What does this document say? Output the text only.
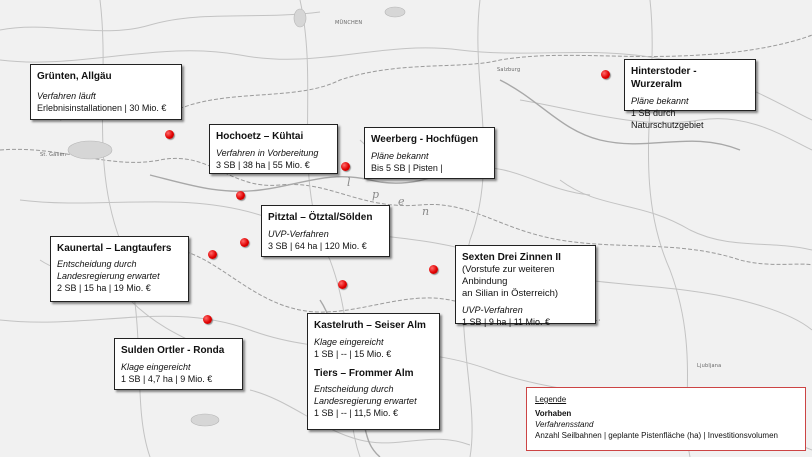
l
p
e
n
MÜNCHEN
Salzburg
Ljubljana
St. Gallen
Grünten, Allgäu
Verfahren läuft
Erlebnisinstallationen | 30 Mio. €
Hochoetz – Kühtai
Verfahren in Vorbereitung
3 SB | 38 ha | 55 Mio. €
Weerberg - Hochfügen
Pläne bekannt
Bis 5 SB | Pisten |
Hinterstoder - Wurzeralm
Pläne bekannt
1 SB durch Naturschutzgebiet
Pitztal – Ötztal/Sölden
UVP-Verfahren
3 SB | 64 ha | 120 Mio. €
Kaunertal – Langtaufers
Entscheidung durch
Landesregierung erwartet
2 SB | 15 ha | 19 Mio. €
Sexten Drei Zinnen II
(Vorstufe zur weiteren Anbindung
an Silian in Österreich)
UVP-Verfahren
1 SB | 9 ha | 11 Mio. €
Sulden Ortler - Ronda
Klage eingereicht
1 SB | 4,7 ha | 9 Mio. €
Kastelruth – Seiser Alm
Klage eingereicht
1 SB | -- | 15 Mio. €
Tiers – Frommer Alm
Entscheidung durch
Landesregierung erwartet
1 SB | -- | 11,5 Mio. €
Legende
Vorhaben
Verfahrensstand
Anzahl Seilbahnen | geplante Pistenfläche (ha) | Investitionsvolumen
